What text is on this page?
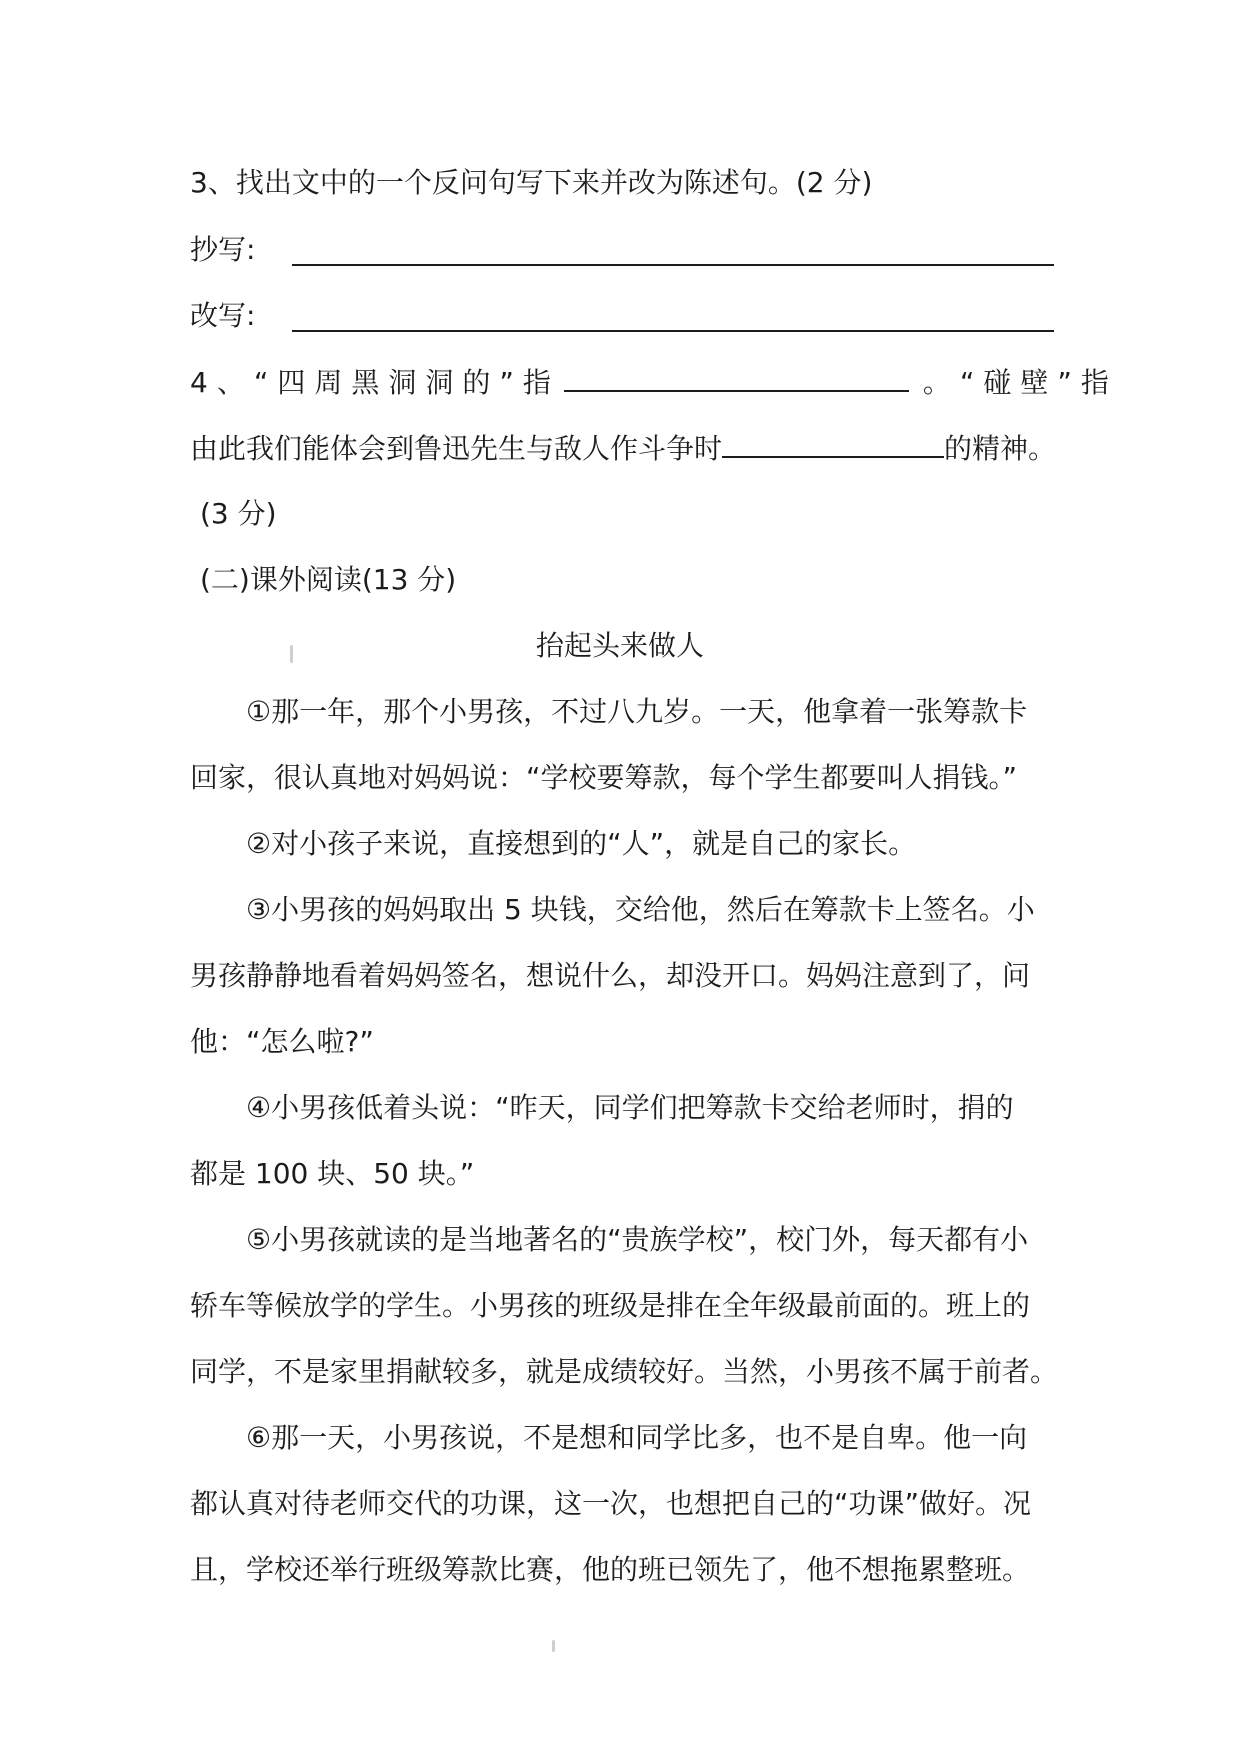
3、找出文中的一个反问句写下来并改为陈述句。(2 分)
抄写:
改写:
4、“四周黑洞洞的”指	。“碰壁”指
由此我们能体会到鲁迅先生与敌人作斗争时	的精神。
(3 分)
(二)课外阅读(13 分)
抬起头来做人
①那一年，那个小男孩，不过八九岁。一天，他拿着一张筹款卡
回家，很认真地对妈妈说：“学校要筹款，每个学生都要叫人捐钱。”
②对小孩子来说，直接想到的“人”，就是自己的家长。
③小男孩的妈妈取出 5 块钱，交给他，然后在筹款卡上签名。小
男孩静静地看着妈妈签名，想说什么，却没开口。妈妈注意到了，问
他：“怎么啦?”
④小男孩低着头说：“昨天，同学们把筹款卡交给老师时，捐的
都是 100 块、50 块。”
⑤小男孩就读的是当地著名的“贵族学校”，校门外，每天都有小
轿车等候放学的学生。小男孩的班级是排在全年级最前面的。班上的
同学，不是家里捐献较多，就是成绩较好。当然，小男孩不属于前者。
⑥那一天，小男孩说，不是想和同学比多，也不是自卑。他一向
都认真对待老师交代的功课，这一次，也想把自己的“功课”做好。况
且，学校还举行班级筹款比赛，他的班已领先了，他不想拖累整班。
